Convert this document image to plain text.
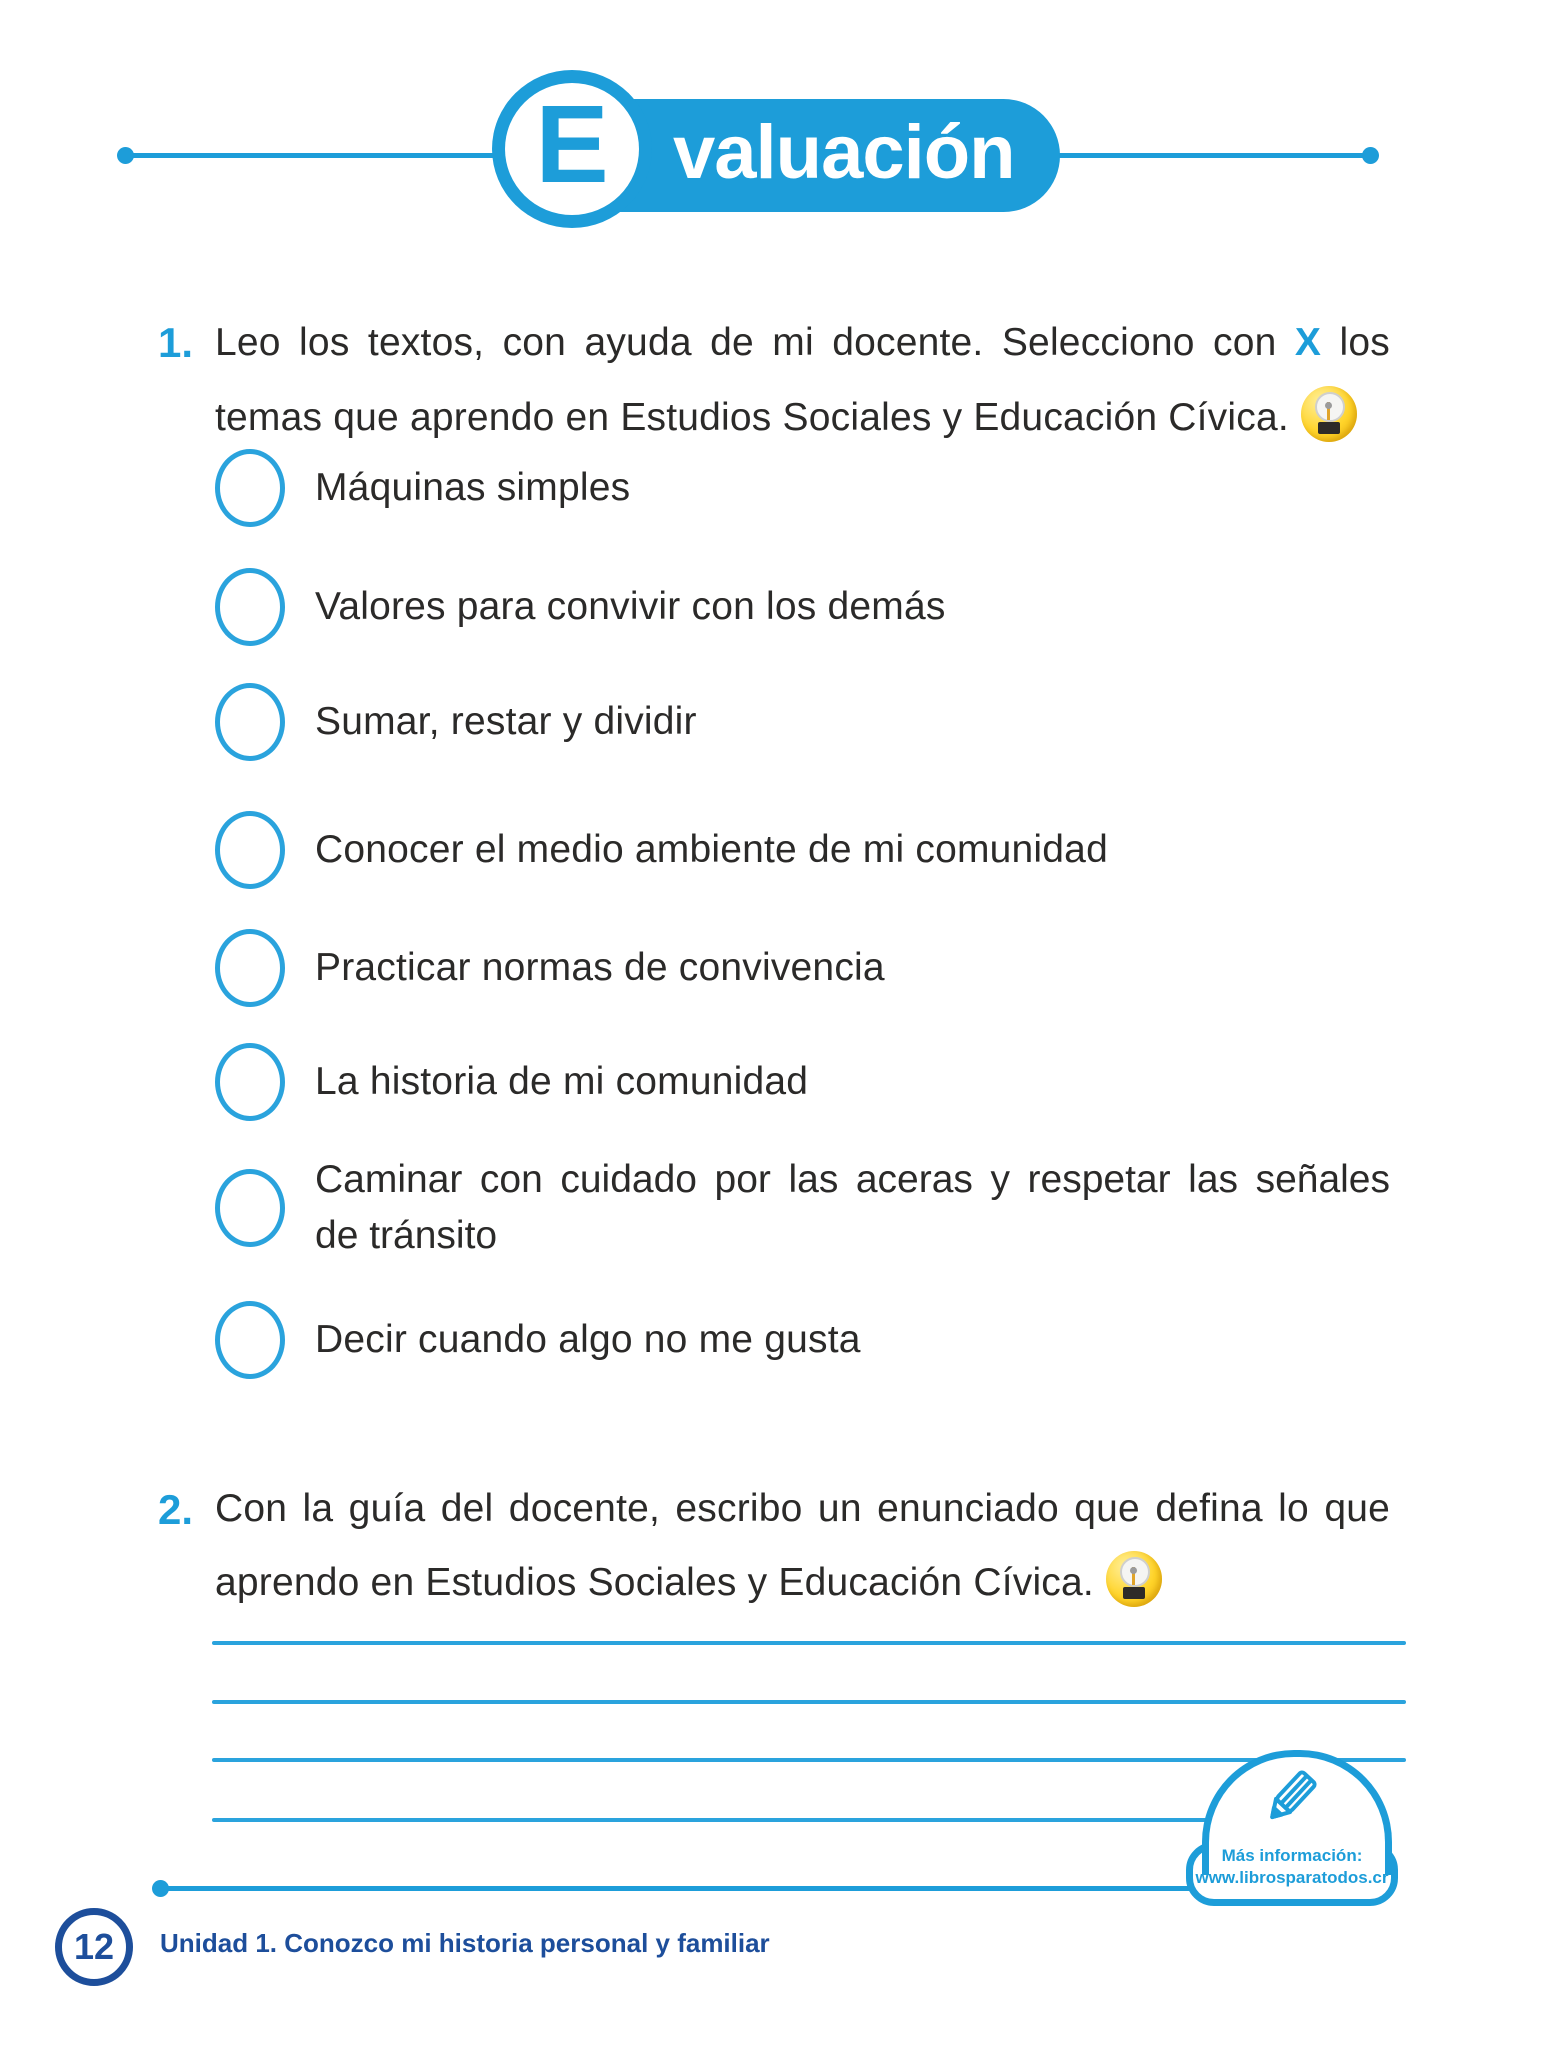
valuación
E
1. Leo los textos, con ayuda de mi docente. Selecciono con X los
temas que aprendo en Estudios Sociales y Educación Cívica.
Máquinas simples
Valores para convivir con los demás
Sumar, restar y dividir
Conocer el medio ambiente de mi comunidad
Practicar normas de convivencia
La historia de mi comunidad
Caminar con cuidado por las aceras y respetar las señales
de tránsito
Decir cuando algo no me gusta
2. Con la guía del docente, escribo un enunciado que defina lo que
aprendo en Estudios Sociales y Educación Cívica.
Más información:
www.librosparatodos.cr
12 Unidad 1. Conozco mi historia personal y familiar
